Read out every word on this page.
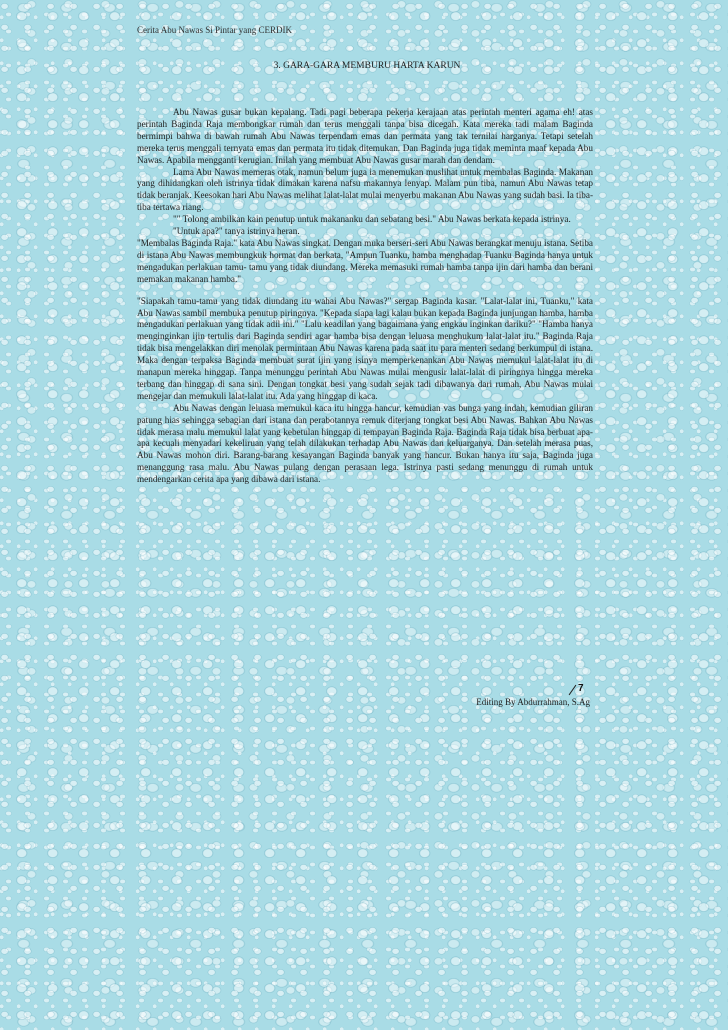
Cerita Abu Nawas Si Pintar yang CERDIK
3. GARA-GARA MEMBURU HARTA KARUN

Abu Nawas gusar bukan kepalang. Tadi pagi beberapa pekerja kerajaan atas perintah menteri agama eh! atas perintah Baginda Raja membongkar rumah dan terus menggali tanpa bisa dicegah. Kata mereka tadi malam Baginda bermimpi bahwa di bawah rumah Abu Nawas terpendam emas dan permata yang tak ternilai harganya. Tetapi setelah mereka terus menggali ternyata emas dan permata itu tidak ditemukan. Dan Baginda juga tidak meminta maaf kepada Abu Nawas. Apabila mengganti kerugian. Inilah yang membuat Abu Nawas gusar marah dan dendam.

Lama Abu Nawas memeras otak, namun belum juga ia menemukan muslihat untuk membalas Baginda. Makanan yang dihidangkan oleh istrinya tidak dimakan karena nafsu makannya lenyap. Malam pun tiba, namun Abu Nawas tetap tidak beranjak. Keesokan hari Abu Nawas melihat lalat-lalat mulai menyerbu makanan Abu Nawas yang sudah basi. Ia tiba-tiba tertawa riang.

"" Tolong ambilkan kain penutup untuk makananku dan sebatang besi." Abu Nawas berkata kepada istrinya.

"Untuk apa?" tanya istrinya heran.

"Membalas Baginda Raja." kata Abu Nawas singkat. Dengan muka berseri-seri Abu Nawas berangkat menuju istana. Setiba di istana Abu Nawas membungkuk hormat dan berkata, "Ampun Tuanku, hamba menghadap Tuanku Baginda hanya untuk mengadukan perlakuan tamu- tamu yang tidak diundang. Mereka memasuki rumah hamba tanpa ijin dari hamba dan berani memakan makanan hamba."

"Siapakah tamu-tamu yang tidak diundang itu wahai Abu Nawas?" sergap Baginda kasar. "Lalat-lalat ini, Tuanku," kata Abu Nawas sambil membuka penutup piringnya. "Kepada siapa lagi kalau bukan kepada Baginda junjungan hamba, hamba mengadukan perlakuan yang tidak adil ini." "Lalu keadilan yang bagaimana yang engkau inginkan dariku?" "Hamba hanya menginginkan ijin tertulis dari Baginda sendiri agar hamba bisa dengan leluasa menghukum lalat-lalat itu." Baginda Raja tidak bisa mengelakkan diri menolak permintaan Abu Nawas karena pada saat itu para menteri sedang berkumpul di istana. Maka dengan terpaksa Baginda membuat surat ijin yang isinya memperkenankan Abu Nawas memukul lalat-lalat itu di manapun mereka hinggap. Tanpa menunggu perintah Abu Nawas mulai mengusir lalat-lalat di piringnya hingga mereka terbang dan hinggap di sana sini. Dengan tongkat besi yang sudah sejak tadi dibawanya dari rumah, Abu Nawas mulai mengejar dan memukuli lalat-lalat itu. Ada yang hinggap di kaca.

Abu Nawas dengan leluasa memukul kaca itu hingga hancur, kemudian vas bunga yang indah, kemudian giliran patung hias sehingga sebagian dari istana dan perabotannya remuk diterjang tongkat besi Abu Nawas. Bahkan Abu Nawas tidak merasa malu memukul lalat yang kebetulan hinggap di tempayan Baginda Raja. Baginda Raja tidak bisa berbuat apa-apa kecuali menyadari kekeliruan yang telah dilakukan terhadap Abu Nawas dan keluarganya. Dan setelah merasa puas, Abu Nawas mohon diri. Barang-barang kesayangan Baginda banyak yang hancur. Bukan hanya itu saja, Baginda juga menanggung rasa malu. Abu Nawas pulang dengan perasaan lega. Istrinya pasti sedang menunggu di rumah untuk mendengarkan cerita apa yang dibawa dari istana.

7
Editing By Abdurrahman, S.Ag
